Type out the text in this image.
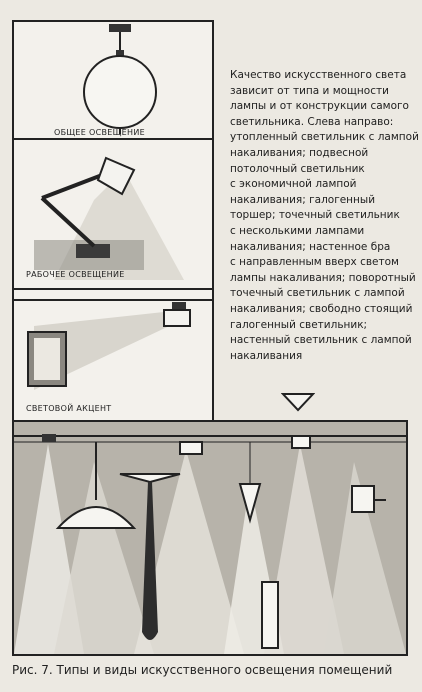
ОБЩЕЕ ОСВЕЩЕНИЕ
РАБОЧЕЕ ОСВЕЩЕНИЕ
СВЕТОВОЙ АКЦЕНТ
Качество искусственного света
зависит от типа и мощности
лампы и от конструкции самого
светильника. Слева направо:
утопленный светильник с лампой
накаливания; подвесной
потолочный светильник
с экономичной лампой
накаливания; галогенный
торшер; точечный светильник
с несколькими лампами
накаливания; настенное бра
с направленным вверх светом
лампы накаливания; поворотный
точечный светильник с лампой
накаливания; свободно стоящий
галогенный светильник;
настенный светильник с лампой
накаливания
Рис. 7. Типы и виды искусственного освещения помещений
